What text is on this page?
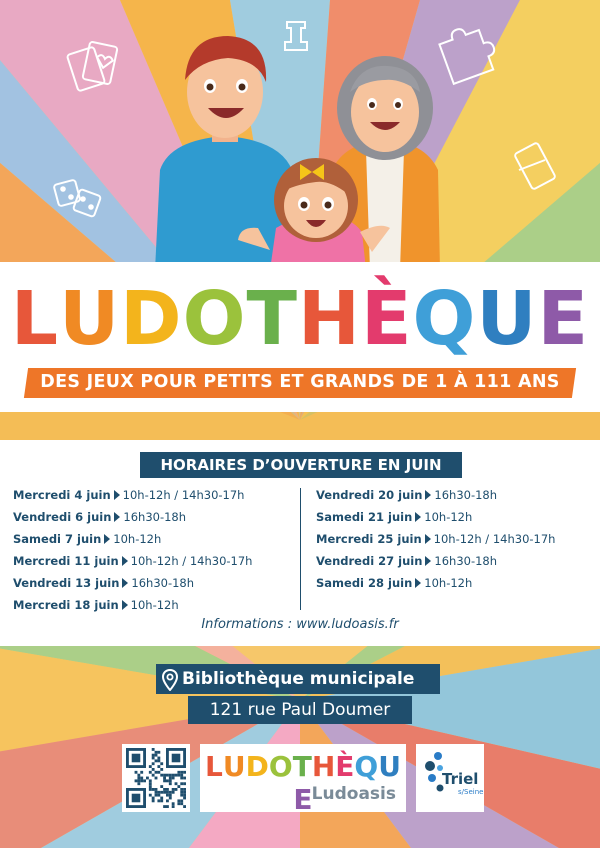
LUDOTHÈQUE
DES JEUX POUR PETITS ET GRANDS DE 1 À 111 ANS
HORAIRES D’OUVERTURE EN JUIN
Mercredi 4 juin 10h-12h / 14h30-17h
Vendredi 6 juin 16h30-18h
Samedi 7 juin 10h-12h
Mercredi 11 juin 10h-12h / 14h30-17h
Vendredi 13 juin 16h30-18h
Mercredi 18 juin 10h-12h
Vendredi 20 juin 16h30-18h
Samedi 21 juin 10h-12h
Mercredi 25 juin 10h-12h / 14h30-17h
Vendredi 27 juin 16h30-18h
Samedi 28 juin 10h-12h
Informations : www.ludoasis.fr
Bibliothèque municipale
121 rue Paul Doumer
LUDOTHÈQUE Ludoasis
Triel
s/Seine
